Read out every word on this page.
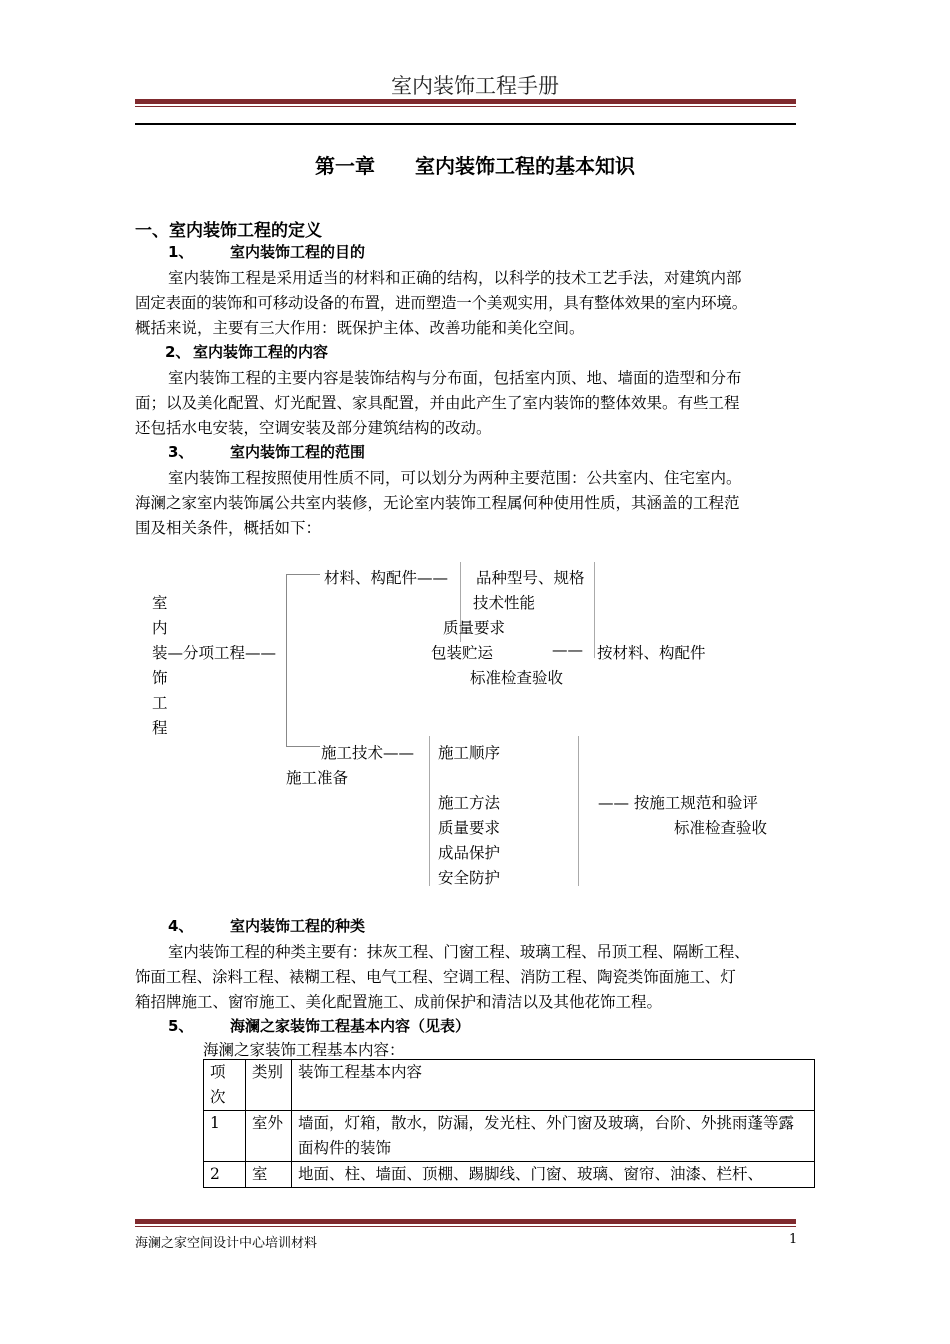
室内装饰工程手册
第一章 室内装饰工程的基本知识
一、室内装饰工程的定义
1、 室内装饰工程的目的
室内装饰工程是采用适当的材料和正确的结构，以科学的技术工艺手法，对建筑内部
固定表面的装饰和可移动设备的布置，进而塑造一个美观实用，具有整体效果的室内环境。
概括来说，主要有三大作用：既保护主体、改善功能和美化空间。
2、 室内装饰工程的内容
室内装饰工程的主要内容是装饰结构与分布面，包括室内顶、地、墙面的造型和分布
面；以及美化配置、灯光配置、家具配置，并由此产生了室内装饰的整体效果。有些工程
还包括水电安装，空调安装及部分建筑结构的改动。
3、 室内装饰工程的范围
室内装饰工程按照使用性质不同，可以划分为两种主要范围：公共室内、住宅室内。
海澜之家室内装饰属公共室内装修，无论室内装饰工程属何种使用性质，其涵盖的工程范
围及相关条件，概括如下：
室
内
装—分项工程——
饰
工
程
材料、构配件—— 品种型号、规格
技术性能
质量要求
包装贮运
标准检查验收
—— 按材料、构配件
施工技术——
施工准备
施工顺序
施工方法
质量要求
成品保护
安全防护
—— 按施工规范和验评
标准检查验收
4、 室内装饰工程的种类
室内装饰工程的种类主要有：抹灰工程、门窗工程、玻璃工程、吊顶工程、隔断工程、
饰面工程、涂料工程、裱糊工程、电气工程、空调工程、消防工程、陶瓷类饰面施工、灯
箱招牌施工、窗帘施工、美化配置施工、成前保护和清洁以及其他花饰工程。
5、 海澜之家装饰工程基本内容（见表）
海澜之家装饰工程基本内容：
项次	类别	装饰工程基本内容
1	室外	墙面，灯箱，散水，防漏，发光柱、外门窗及玻璃，台阶、外挑雨蓬等露面构件的装饰
2	室	地面、柱、墙面、顶棚、踢脚线、门窗、玻璃、窗帘、油漆、栏杆、
海澜之家空间设计中心培训材料	1
